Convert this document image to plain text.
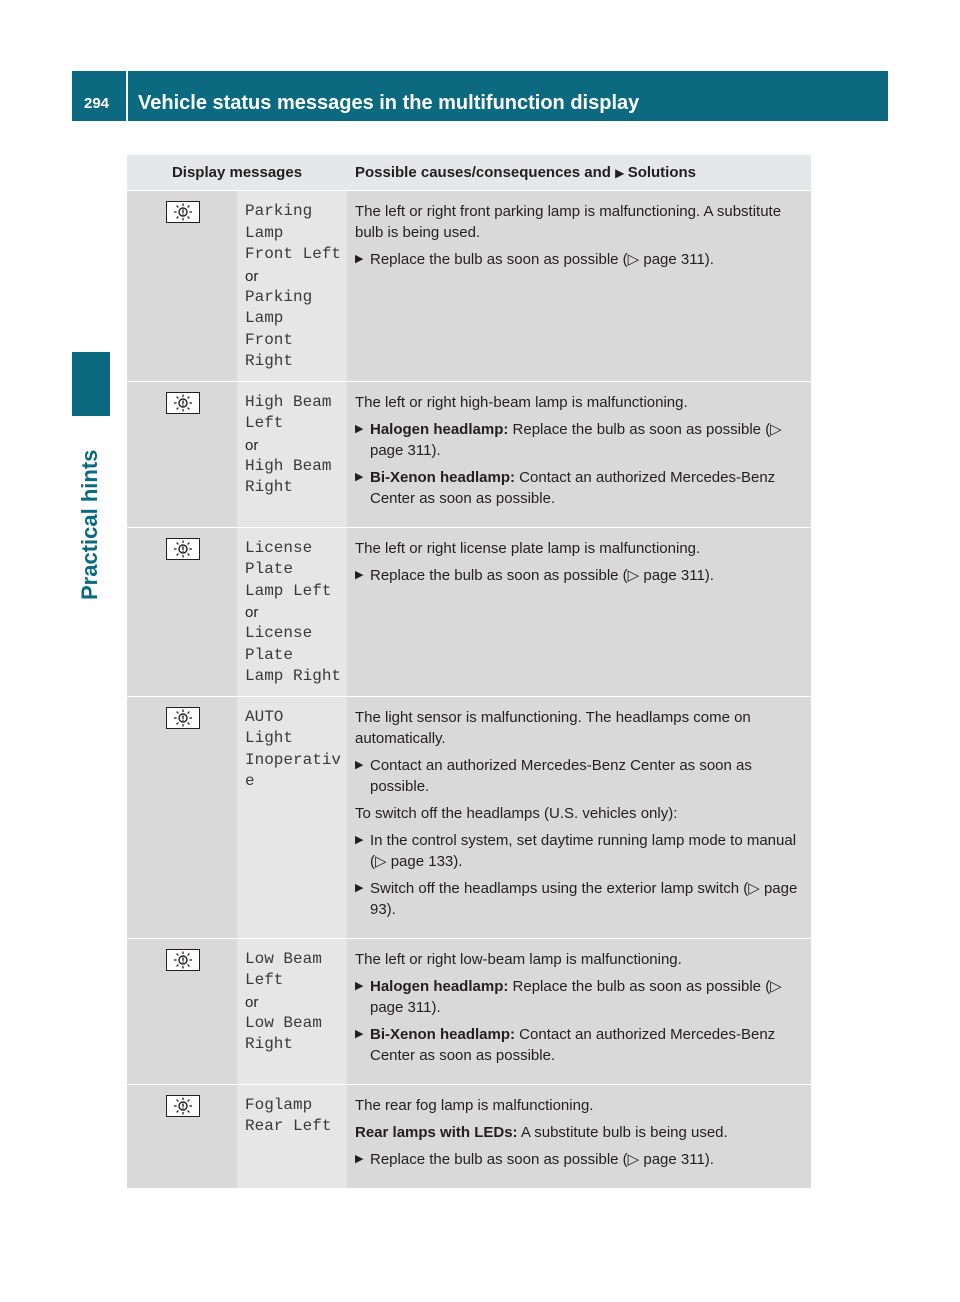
294	Vehicle status messages in the multifunction display
Practical hints
Display messages	Possible causes/consequences and ▶ Solutions
Parking
Lamp
Front Left
or
Parking
Lamp
Front
Right
The left or right front parking lamp is malfunctioning. A substitute bulb is being used.
▶ Replace the bulb as soon as possible (▷ page 311).
High Beam
Left
or
High Beam
Right
The left or right high-beam lamp is malfunctioning.
▶ Halogen headlamp: Replace the bulb as soon as possible (▷ page 311).
▶ Bi-Xenon headlamp: Contact an authorized Mercedes-Benz Center as soon as possible.
License
Plate
Lamp Left
or
License
Plate
Lamp Right
The left or right license plate lamp is malfunctioning.
▶ Replace the bulb as soon as possible (▷ page 311).
AUTO
Light
Inoperativ
e
The light sensor is malfunctioning. The headlamps come on automatically.
▶ Contact an authorized Mercedes-Benz Center as soon as possible.
To switch off the headlamps (U.S. vehicles only):
▶ In the control system, set daytime running lamp mode to manual (▷ page 133).
▶ Switch off the headlamps using the exterior lamp switch (▷ page 93).
Low Beam
Left
or
Low Beam
Right
The left or right low-beam lamp is malfunctioning.
▶ Halogen headlamp: Replace the bulb as soon as possible (▷ page 311).
▶ Bi-Xenon headlamp: Contact an authorized Mercedes-Benz Center as soon as possible.
Foglamp
Rear Left
The rear fog lamp is malfunctioning.
Rear lamps with LEDs: A substitute bulb is being used.
▶ Replace the bulb as soon as possible (▷ page 311).
